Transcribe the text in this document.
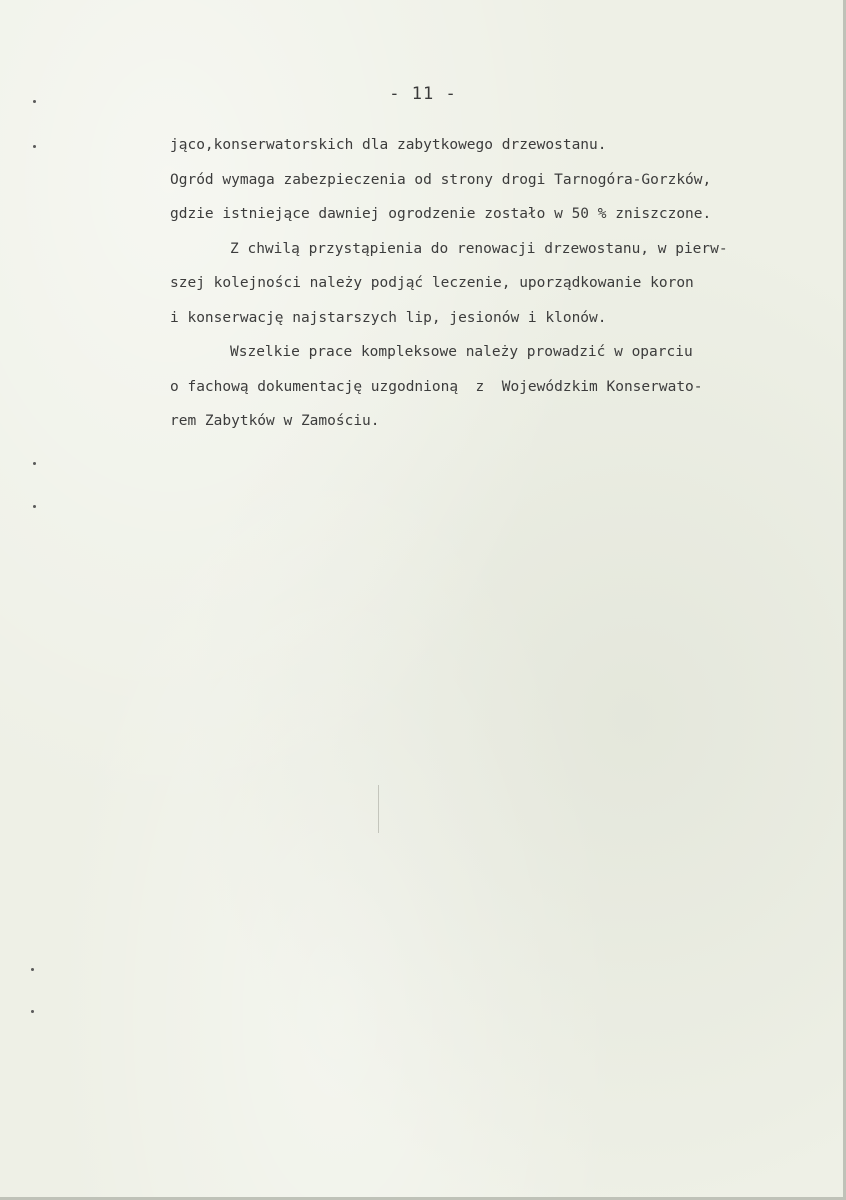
- 11 -
jąco,konserwatorskich dla zabytkowego drzewostanu.
Ogród wymaga zabezpieczenia od strony drogi Tarnogóra-Gorzków,
gdzie istniejące dawniej ogrodzenie zostało w 50 % zniszczone.
Z chwilą przystąpienia do renowacji drzewostanu, w pierw-
szej kolejności należy podjąć leczenie, uporządkowanie koron
i konserwację najstarszych lip, jesionów i klonów.
Wszelkie prace kompleksowe należy prowadzić w oparciu
o fachową dokumentację uzgodnioną  z  Wojewódzkim Konserwato-
rem Zabytków w Zamościu.
